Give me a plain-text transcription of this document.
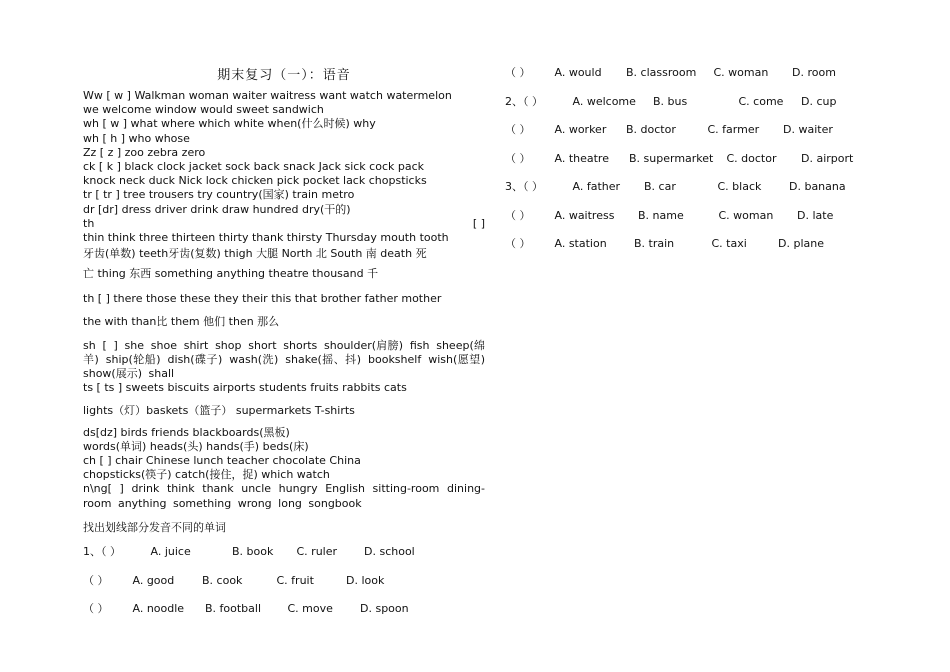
期末复习（一）：语音
Ww [ w ] Walkman woman waiter waitress want watch watermelon
we welcome window would sweet sandwich
wh [ w ] what where which white when(什么时候) why
wh [ h ] who whose
Zz [ z ] zoo zebra zero
ck [ k ] black clock jacket sock back snack Jack sick cock pack
knock neck duck Nick lock chicken pick pocket lack chopsticks
tr [ tr ] tree trousers try country(国家) train metro
dr [dr] dress driver drink draw hundred dry(干的)
th	[ ]
thin think three thirteen thirty thank thirsty Thursday mouth tooth
牙齿(单数) teeth牙齿(复数) thigh 大腿 North 北 South 南 death 死
亡 thing 东西 something anything theatre thousand 千
th [ ] there those these they their this that brother father mother
the with than比 them 他们 then 那么
sh [ ] she shoe shirt shop short shorts shoulder(肩膀) fish sheep(绵羊) ship(轮船) dish(碟子) wash(洗) shake(摇、抖) bookshelf wish(愿望) show(展示) shall
ts [ ts ] sweets biscuits airports students fruits rabbits cats
lights（灯）baskets（篮子） supermarkets T-shirts
ds[dz] birds friends blackboards(黑板)
words(单词) heads(头) hands(手) beds(床)
ch [ ] chair Chinese lunch teacher chocolate China
chopsticks(筷子) catch(接住，捉) which watch
n\ng[ ] drink think thank uncle hungry English sitting-room dining-room anything something wrong long songbook
找出划线部分发音不同的单词
1、（ ）	A. juice	B. book C. ruler D. school
（ ） A. good	B. cook	C. fruit	D. look
（ ） A. noodle B. football C. move D. spoon
（ ） A. would B. classroom C. woman D. room
2、（ ）	A. welcome B. bus	C. come D. cup
（ ） A. worker B. doctor	C. farmer D. waiter
（ ） A. theatre B. supermarket C. doctor D. airport
3、（ ）	A. father B. car	C. black	D. banana
（ ） A. waitress B. name	C. woman D. late
（ ） A. station B. train	C. taxi	D. plane
